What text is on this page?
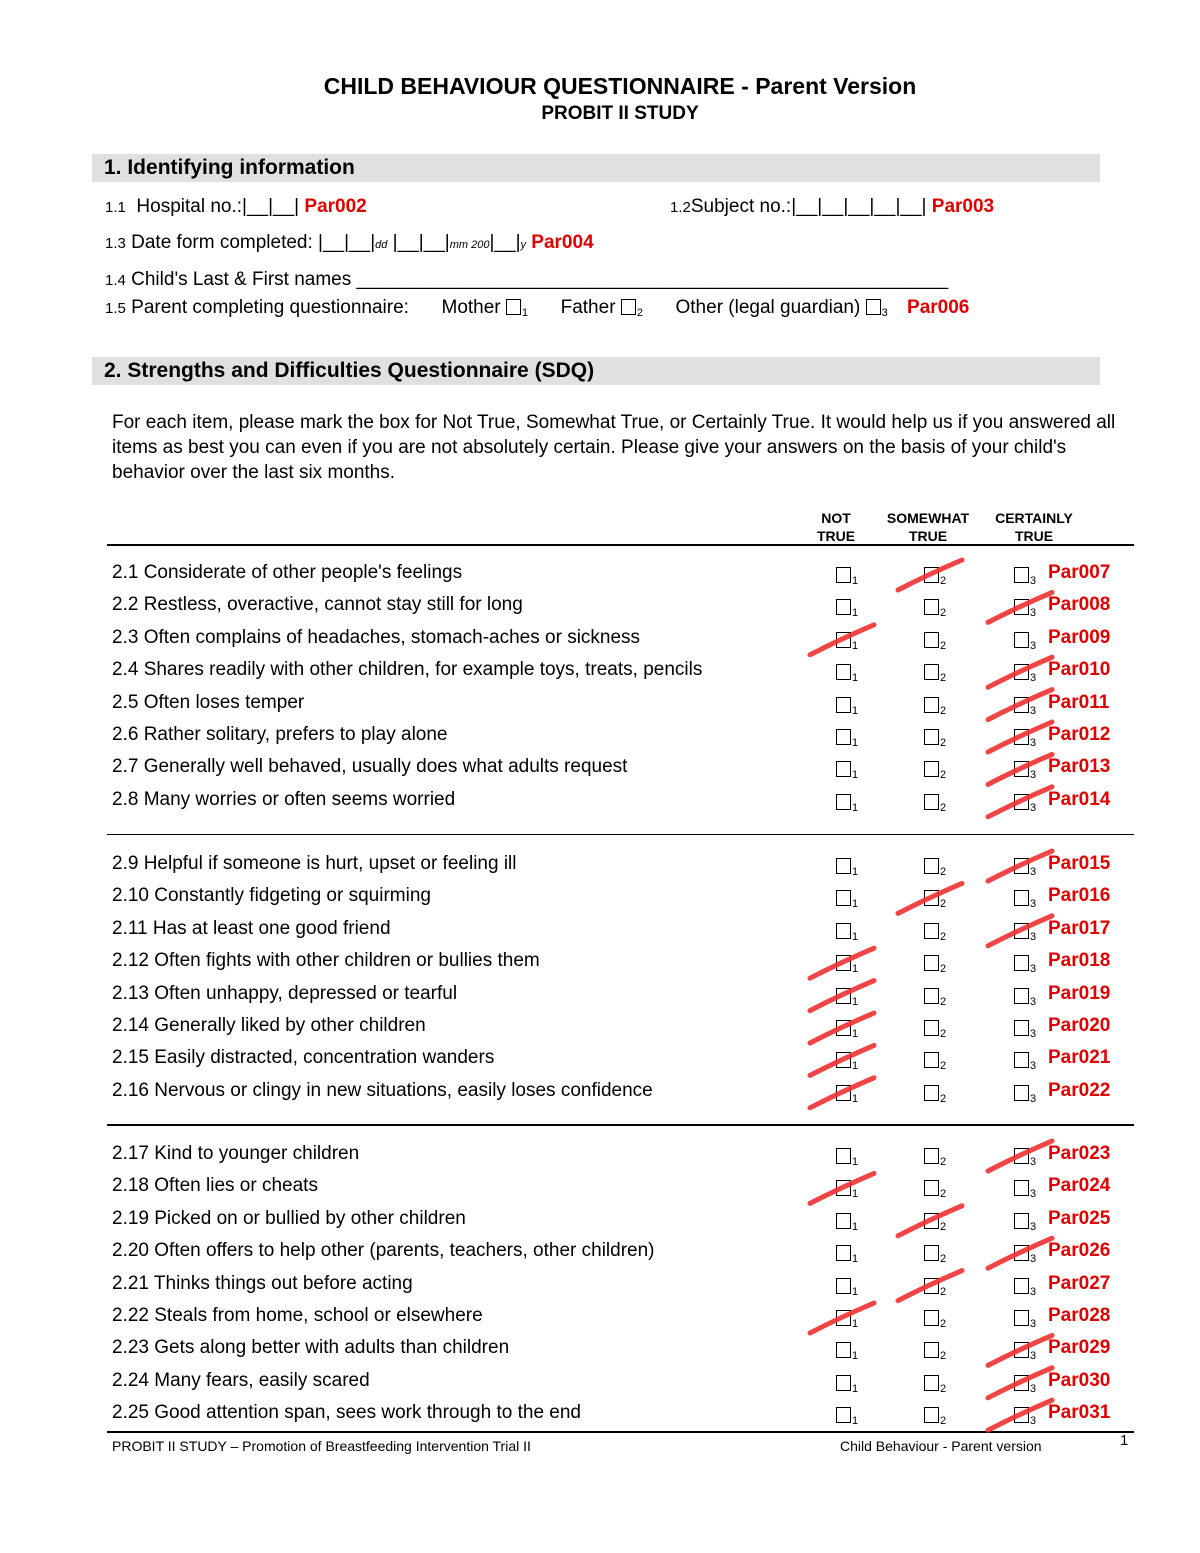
CHILD BEHAVIOUR QUESTIONNAIRE - Parent Version
PROBIT II STUDY
1. Identifying information
1.1 Hospital no.:|__|__| Par002	1.2Subject no.:|__|__|__|__|__| Par003
1.3 Date form completed: |__|__|dd |__|__|mm 200|__|y Par004
1.4 Child's Last & First names ________________________________________________________
1.5 Parent completing questionnaire: Mother $_1$ Father $_2$ Other (legal guardian) $_3$ Par006
2. Strengths and Difficulties Questionnaire (SDQ)
For each item, please mark the box for Not True, Somewhat True, or Certainly True. It would help us if you answered all items as best you can even if you are not absolutely certain. Please give your answers on the basis of your child's behavior over the last six months.
NOT TRUE
SOMEWHAT TRUE
CERTAINLY TRUE
2.1 Considerate of other people's feelings	$_1$	$_2$	$_3$ Par007
2.2 Restless, overactive, cannot stay still for long	$_1$	$_2$	$_3$ Par008
2.3 Often complains of headaches, stomach-aches or sickness	$_1$	$_2$	$_3$ Par009
2.4 Shares readily with other children, for example toys, treats, pencils	$_1$	$_2$	$_3$ Par010
2.5 Often loses temper	$_1$	$_2$	$_3$ Par011
2.6 Rather solitary, prefers to play alone	$_1$	$_2$	$_3$ Par012
2.7 Generally well behaved, usually does what adults request	$_1$	$_2$	$_3$ Par013
2.8 Many worries or often seems worried	$_1$	$_2$	$_3$ Par014
2.9 Helpful if someone is hurt, upset or feeling ill	$_1$	$_2$	$_3$ Par015
2.10 Constantly fidgeting or squirming	$_1$	$_2$	$_3$ Par016
2.11 Has at least one good friend	$_1$	$_2$	$_3$ Par017
2.12 Often fights with other children or bullies them	$_1$	$_2$	$_3$ Par018
2.13 Often unhappy, depressed or tearful	$_1$	$_2$	$_3$ Par019
2.14 Generally liked by other children	$_1$	$_2$	$_3$ Par020
2.15 Easily distracted, concentration wanders	$_1$	$_2$	$_3$ Par021
2.16 Nervous or clingy in new situations, easily loses confidence	$_1$	$_2$	$_3$ Par022
2.17 Kind to younger children	$_1$	$_2$	$_3$ Par023
2.18 Often lies or cheats	$_1$	$_2$	$_3$ Par024
2.19 Picked on or bullied by other children	$_1$	$_2$	$_3$ Par025
2.20 Often offers to help other (parents, teachers, other children)	$_1$	$_2$	$_3$ Par026
2.21 Thinks things out before acting	$_1$	$_2$	$_3$ Par027
2.22 Steals from home, school or elsewhere	$_1$	$_2$	$_3$ Par028
2.23 Gets along better with adults than children	$_1$	$_2$	$_3$ Par029
2.24 Many fears, easily scared	$_1$	$_2$	$_3$ Par030
2.25 Good attention span, sees work through to the end	$_1$	$_2$	$_3$ Par031
PROBIT II STUDY – Promotion of Breastfeeding Intervention Trial II	Child Behaviour - Parent version	1
